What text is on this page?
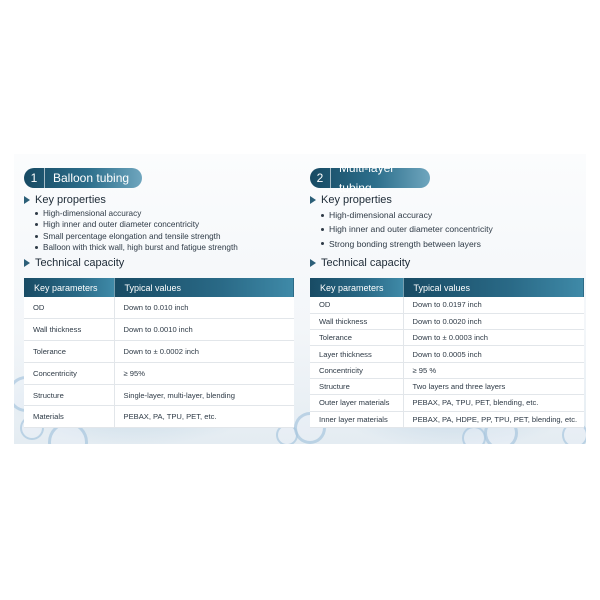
1	Balloon tubing
Key properties
High-dimensional accuracy
High inner and outer diameter concentricity
Small percentage elongation and tensile strength
Balloon with thick wall, high burst and fatigue strength
Technical capacity
Key parameters	Typical values
OD	Down to 0.010 inch
Wall thickness	Down to 0.0010 inch
Tolerance	Down to ± 0.0002 inch
Concentricity	≥ 95%
Structure	Single-layer, multi-layer, blending
Materials	PEBAX, PA, TPU, PET, etc.
2
Multi-layer tubing
Key properties
High-dimensional accuracy
High inner and outer diameter concentricity
Strong bonding strength between layers
Technical capacity
Key parameters	Typical values
OD	Down to 0.0197 inch
Wall thickness	Down to 0.0020 inch
Tolerance	Down to ± 0.0003 inch
Layer thickness	Down to 0.0005 inch
Concentricity	≥ 95 %
Structure	Two layers and three layers
Outer layer materials	PEBAX, PA, TPU, PET, blending, etc.
Inner layer materials	PEBAX, PA, HDPE, PP, TPU, PET, blending, etc.
